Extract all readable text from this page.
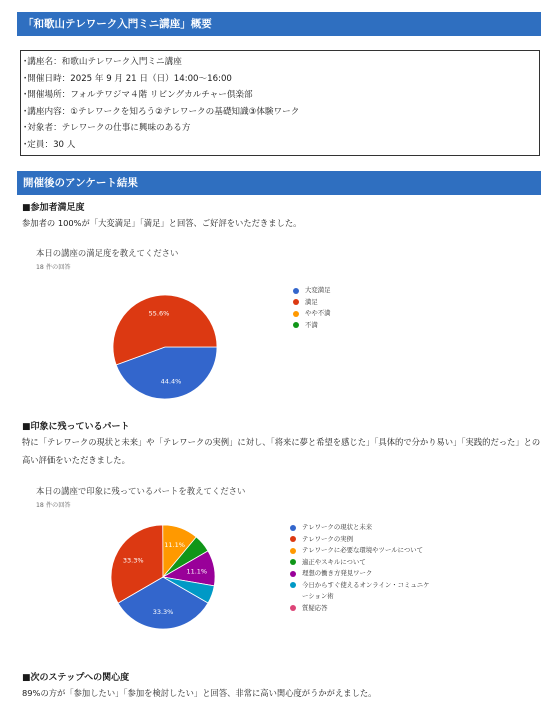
「和歌山テレワーク入門ミニ講座」概要
･講座名：和歌山テレワーク入門ミニ講座
･開催日時：2025 年 9 月 21 日（日）14:00～16:00
･開催場所：フォルテワジマ４階 リビングカルチャー倶楽部
･講座内容：①テレワークを知ろう②テレワークの基礎知識③体験ワーク
･対象者：テレワークの仕事に興味のある方
･定員：30 人
開催後のアンケート結果
■参加者満足度
参加者の 100%が「大変満足」「満足」と回答、ご好評をいただきました。
本日の講座の満足度を教えてください
18 件の回答
44.4%
55.6%
大変満足
満足
やや不満
不満
■印象に残っているパート
特に「テレワークの現状と未来」や「テレワークの実例」に対し、「将来に夢と希望を感じた」「具体的で分かり易い」「実践的だった」との高い評価をいただきました。
本日の講座で印象に残っているパートを教えてください
18 件の回答
33.3%
33.3%
11.1%
11.1%
テレワークの現状と未来
テレワークの実例
テレワークに必要な環境やツールについて
適正やスキルについて
理想の働き方発見ワーク
今日からすぐ使えるオンライン・コミュニケーション術
質疑応答
■次のステップへの関心度
89%の方が「参加したい」「参加を検討したい」と回答、非常に高い関心度がうかがえました。
